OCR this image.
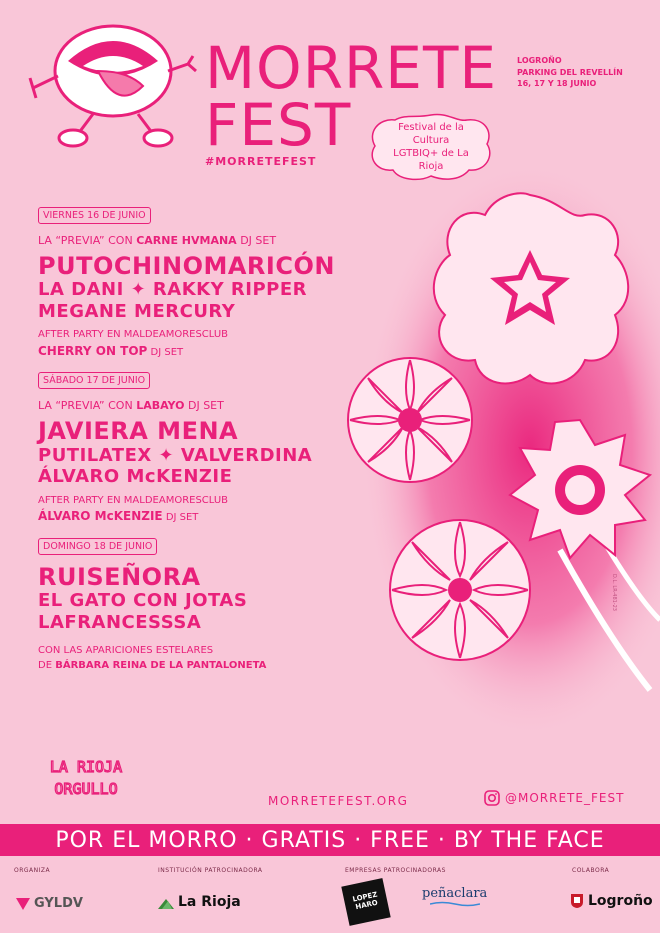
MORRETE
FEST
#MORRETEFEST
LOGROÑO
PARKING DEL REVELLÍN
16, 17 Y 18 JUNIO
Festival de la Cultura LGTBIQ+ de La Rioja
VIERNES 16 DE JUNIO
LA “PREVIA” CON CARNE HVMANA DJ SET
PUTOCHINOMARICÓN
LA DANI ✦ RAKKY RIPPER
MEGANE MERCURY
AFTER PARTY EN MALDEAMORESCLUB
CHERRY ON TOP DJ SET
SÁBADO 17 DE JUNIO
LA “PREVIA” CON LABAYO DJ SET
JAVIERA MENA
PUTILATEX ✦ VALVERDINA
ÁLVARO McKENZIE
AFTER PARTY EN MALDEAMORESCLUB
ÁLVARO McKENZIE DJ SET
DOMINGO 18 DE JUNIO
RUISEÑORA
EL GATO CON JOTAS
LAFRANCESSSA
CON LAS APARICIONES ESTELARES
DE BÁRBARA REINA DE LA PANTALONETA
D.L. LR-481-23
LA RIOJA
ORGULLO
MORRETEFEST.ORG	@MORRETE_FEST
POR EL MORRO · GRATIS · FREE · BY THE FACE
ORGANIZA	INSTITUCIÓN PATROCINADORA	EMPRESAS PATROCINADORAS	COLABORA
GYLDV	La Rioja	LOPEZ HARO
peñaclara	Logroño
